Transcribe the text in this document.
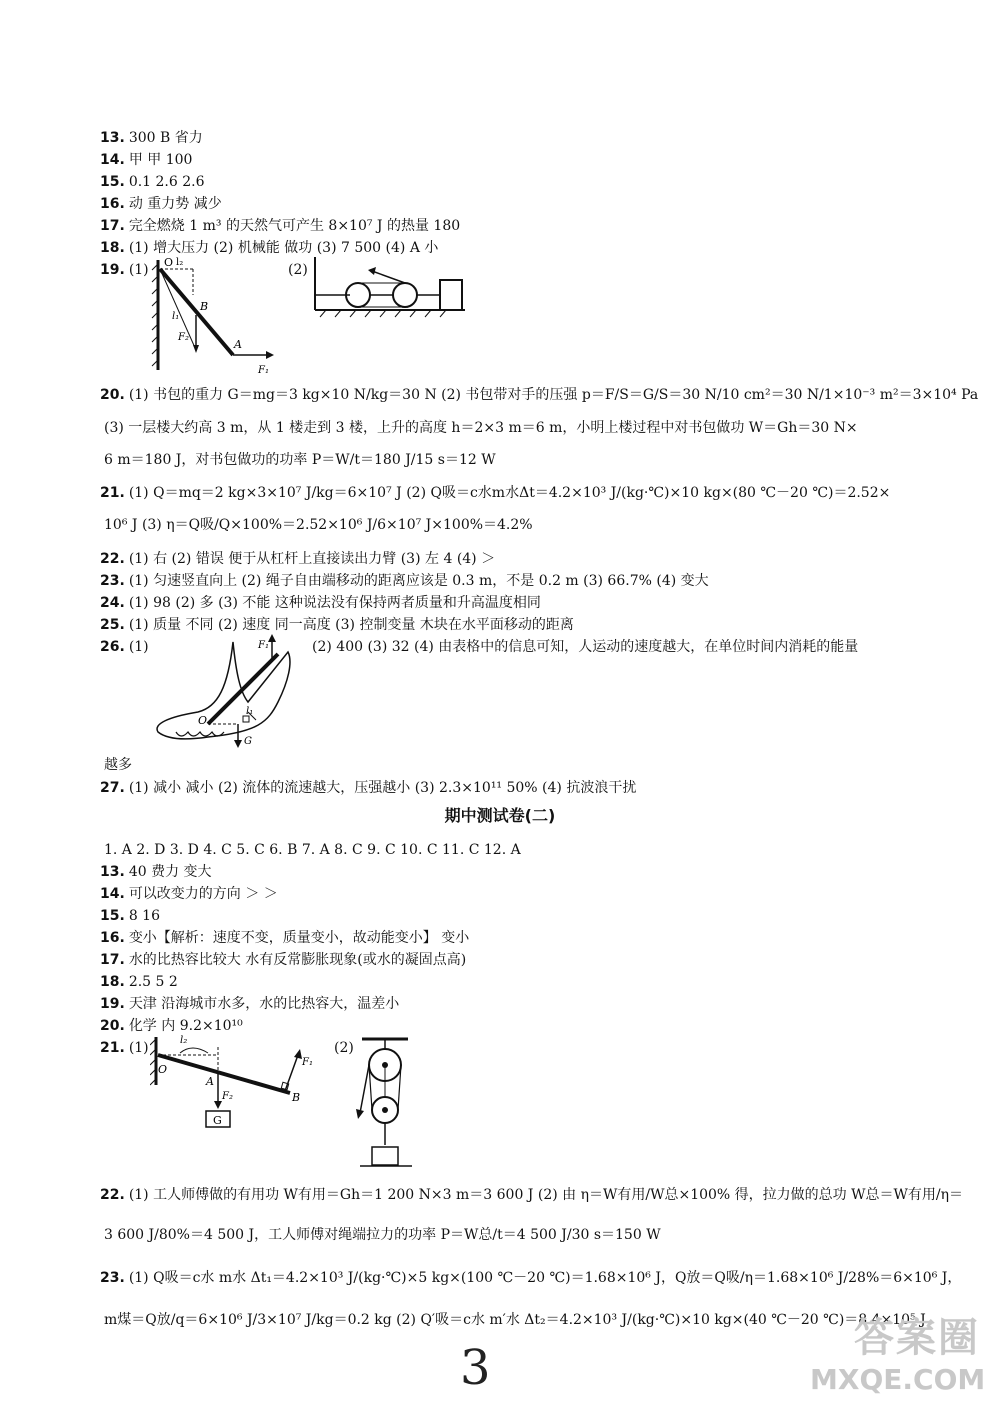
13. 300 B 省力
14. 甲 甲 100
15. 0.1 2.6 2.6
16. 动 重力势 减少
17. 完全燃烧 1 m³ 的天然气可产生 8×10⁷ J 的热量 180
18. (1) 增大压力 (2) 机械能 做功 (3) 7 500 (4) A 小
19. (1)	(2)
O l₂
B
l₁
F₂
A
F₁
20. (1) 书包的重力 G＝mg＝3 kg×10 N/kg＝30 N (2) 书包带对手的压强 p＝F/S＝G/S＝30 N/10 cm²＝30 N/1×10⁻³ m²＝3×10⁴ Pa
(3) 一层楼大约高 3 m，从 1 楼走到 3 楼，上升的高度 h＝2×3 m＝6 m，小明上楼过程中对书包做功 W＝Gh＝30 N×
6 m＝180 J，对书包做功的功率 P＝W/t＝180 J/15 s＝12 W
21. (1) Q＝mq＝2 kg×3×10⁷ J/kg＝6×10⁷ J (2) Q吸＝c水m水Δt＝4.2×10³ J/(kg·℃)×10 kg×(80 ℃－20 ℃)＝2.52×
10⁶ J (3) η＝Q吸/Q×100%＝2.52×10⁶ J/6×10⁷ J×100%＝4.2%
22. (1) 右 (2) 错误 便于从杠杆上直接读出力臂 (3) 左 4 (4) ＞
23. (1) 匀速竖直向上 (2) 绳子自由端移动的距离应该是 0.3 m，不是 0.2 m (3) 66.7% (4) 变大
24. (1) 98 (2) 多 (3) 不能 这种说法没有保持两者质量和升高温度相同
25. (1) 质量 不同 (2) 速度 同一高度 (3) 控制变量 木块在水平面移动的距离
26. (1)	(2) 400 (3) 32 (4) 由表格中的信息可知，人运动的速度越大，在单位时间内消耗的能量
F₁
O
l₁
G
越多
27. (1) 减小 减小 (2) 流体的流速越大，压强越小 (3) 2.3×10¹¹ 50% (4) 抗波浪干扰
期中测试卷(二)
1. A 2. D 3. D 4. C 5. C 6. B 7. A 8. C 9. C 10. C 11. C 12. A
13. 40 费力 变大
14. 可以改变力的方向 ＞ ＞
15. 8 16
16. 变小【解析：速度不变，质量变小，故动能变小】 变小
17. 水的比热容比较大 水有反常膨胀现象(或水的凝固点高)
18. 2.5 5 2
19. 天津 沿海城市水多，水的比热容大，温差小
20. 化学 内 9.2×10¹⁰
21. (1)	(2)
l₂
O
A
F₂
G
F₁
B
22. (1) 工人师傅做的有用功 W有用＝Gh＝1 200 N×3 m＝3 600 J (2) 由 η＝W有用/W总×100% 得，拉力做的总功 W总＝W有用/η＝
3 600 J/80%＝4 500 J，工人师傅对绳端拉力的功率 P＝W总/t＝4 500 J/30 s＝150 W
23. (1) Q吸＝c水 m水 Δt₁＝4.2×10³ J/(kg·℃)×5 kg×(100 ℃－20 ℃)＝1.68×10⁶ J，Q放＝Q吸/η＝1.68×10⁶ J/28%＝6×10⁶ J，
m煤＝Q放/q＝6×10⁶ J/3×10⁷ J/kg＝0.2 kg (2) Q′吸＝c水 m′水 Δt₂＝4.2×10³ J/(kg·℃)×10 kg×(40 ℃－20 ℃)＝8.4×10⁵ J
3
答案圈
MXQE.COM
